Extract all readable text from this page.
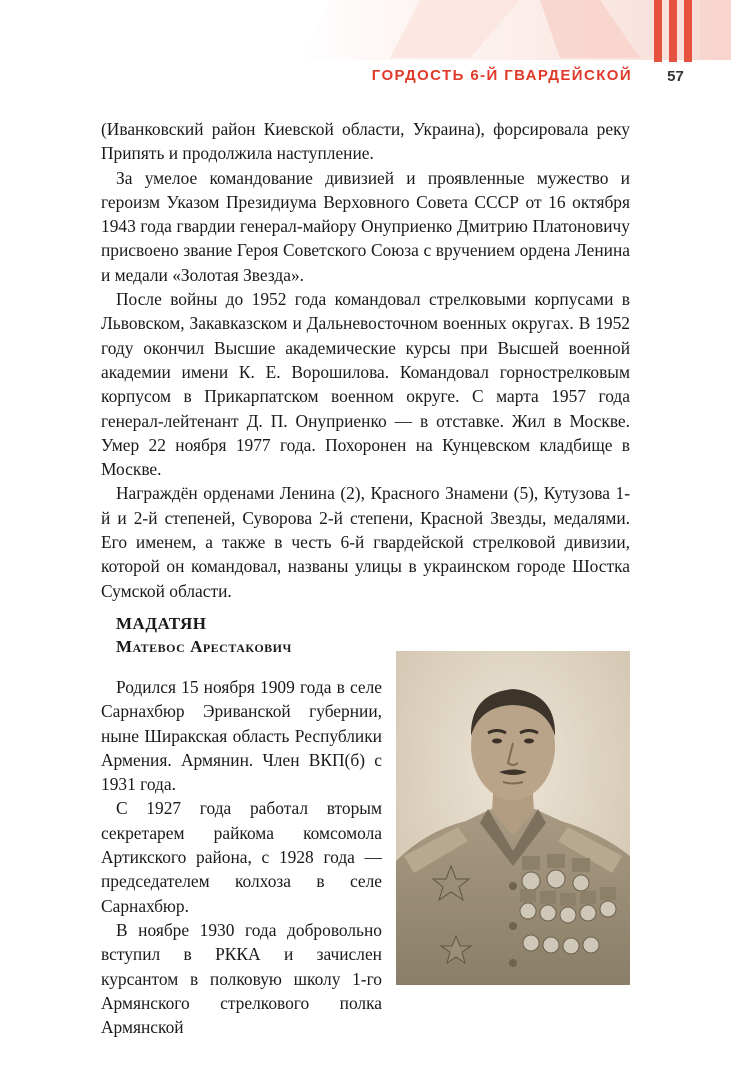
ГОРДОСТЬ 6-Й ГВАРДЕЙСКОЙ	57

(Иванковский район Киевской области, Украина), форсировала реку Припять и продолжила наступление.

За умелое командование дивизией и проявленные мужество и героизм Указом Президиума Верховного Совета СССР от 16 октября 1943 года гвардии генерал-майору Онуприенко Дмитрию Платоновичу присвоено звание Героя Советского Союза с вручением ордена Ленина и медали «Золотая Звезда».

После войны до 1952 года командовал стрелковыми корпусами в Львовском, Закавказском и Дальневосточном военных округах. В 1952 году окончил Высшие академические курсы при Высшей военной академии имени К. Е. Ворошилова. Командовал горнострелковым корпусом в Прикарпатском военном округе. С марта 1957 года генерал-лейтенант Д. П. Онуприенко — в отставке. Жил в Москве. Умер 22 ноября 1977 года. Похоронен на Кунцевском кладбище в Москве.

Награждён орденами Ленина (2), Красного Знамени (5), Кутузова 1-й и 2-й степеней, Суворова 2-й степени, Красной Звезды, медалями. Его именем, а также в честь 6-й гвардейской стрелковой дивизии, которой он командовал, названы улицы в украинском городе Шостка Сумской области.

МАДАТЯН
Матевос Арестакович

Родился 15 ноября 1909 года в селе Сарнахбюр Эриванской губернии, ныне Ширакская область Республики Армения. Армянин. Член ВКП(б) с 1931 года.

С 1927 года работал вторым секретарем райкома комсомола Артикского района, с 1928 года — председателем колхоза в селе Сарнахбюр.

В ноябре 1930 года добровольно вступил в РККА и зачислен курсантом в полковую школу 1-го Армянского стрелкового полка Армянской
